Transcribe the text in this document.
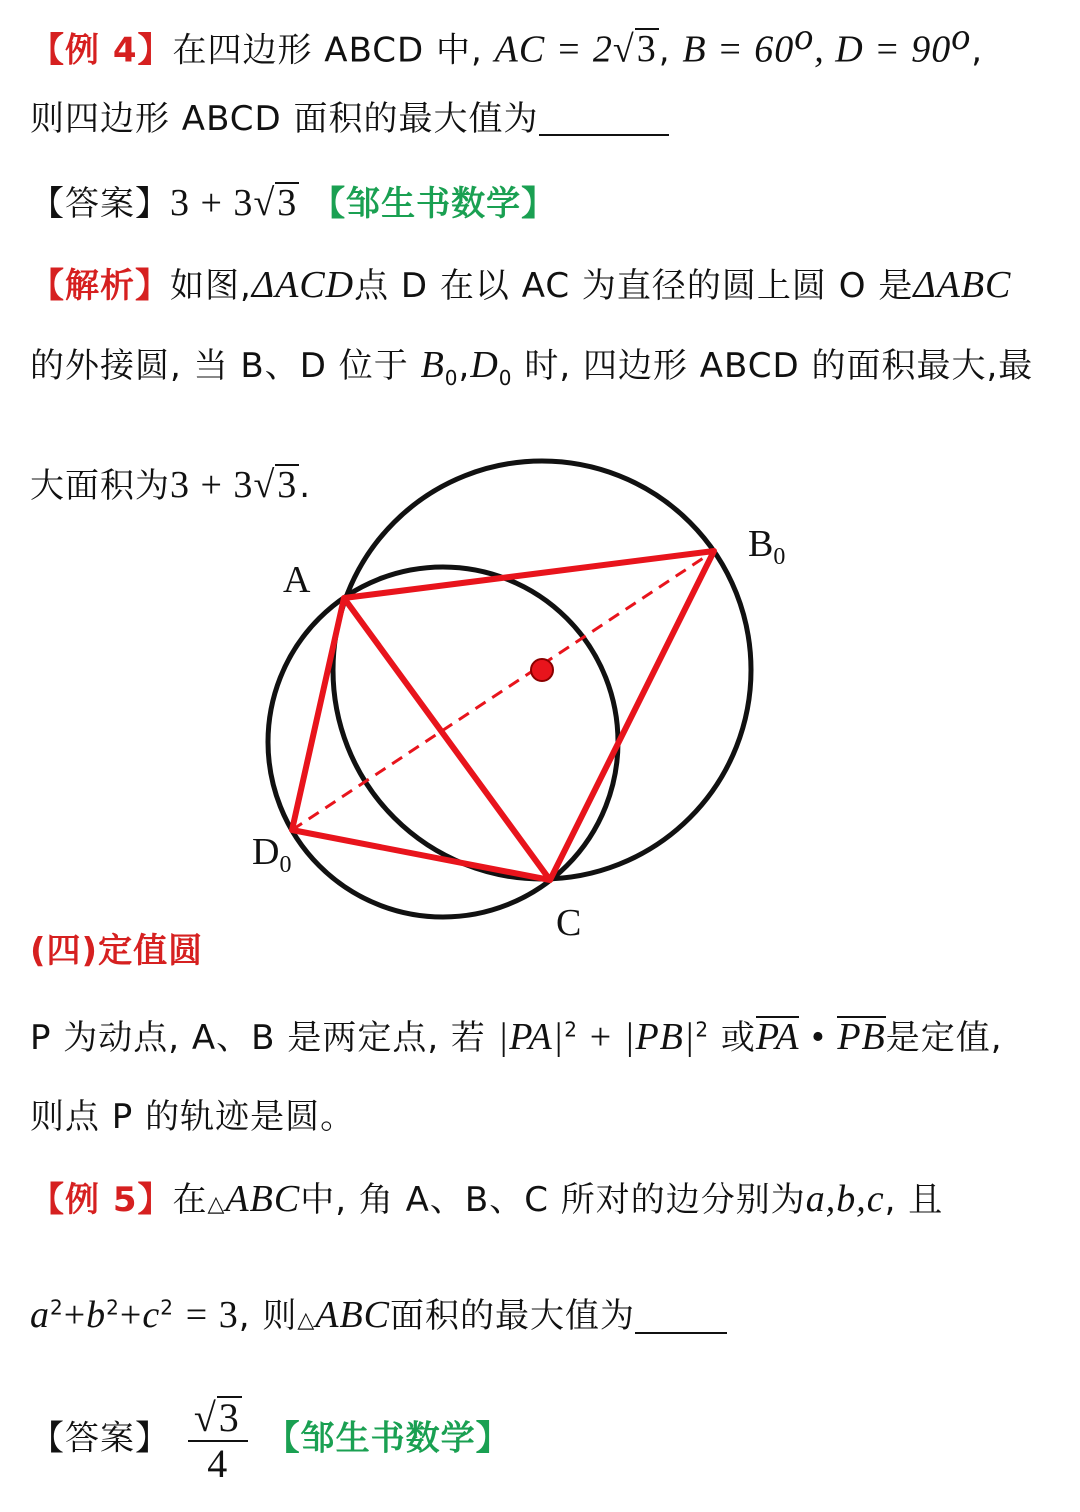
【例 4】在四边形 ABCD 中, AC = 2√3, $B = 60^o$, $D = 90^o$,
则四边形 ABCD 面积的最大值为
【答案】3 + 3√3 【邹生书数学】
【解析】如图,ΔACD点 D 在以 AC 为直径的圆上圆 O 是ΔABC
的外接圆, 当 B、D 位于 $B_0,D_0$ 时, 四边形 ABCD 的面积最大,最
大面积为3 + 3√3.
A
$B_0$
C
$D_0$
(四)定值圆
P 为动点, A、B 是两定点, 若 $|PA|^2 + |PB|^2$ 或PA • PB是定值,
则点 P 的轨迹是圆。
【例 5】在△ABC中, 角 A、B、C 所对的边分别为a,b,c, 且
$a^2+b^2+c^2 = 3$, 则△ABC面积的最大值为
【答案】 $\frac{√3}{4}$ 【邹生书数学】
